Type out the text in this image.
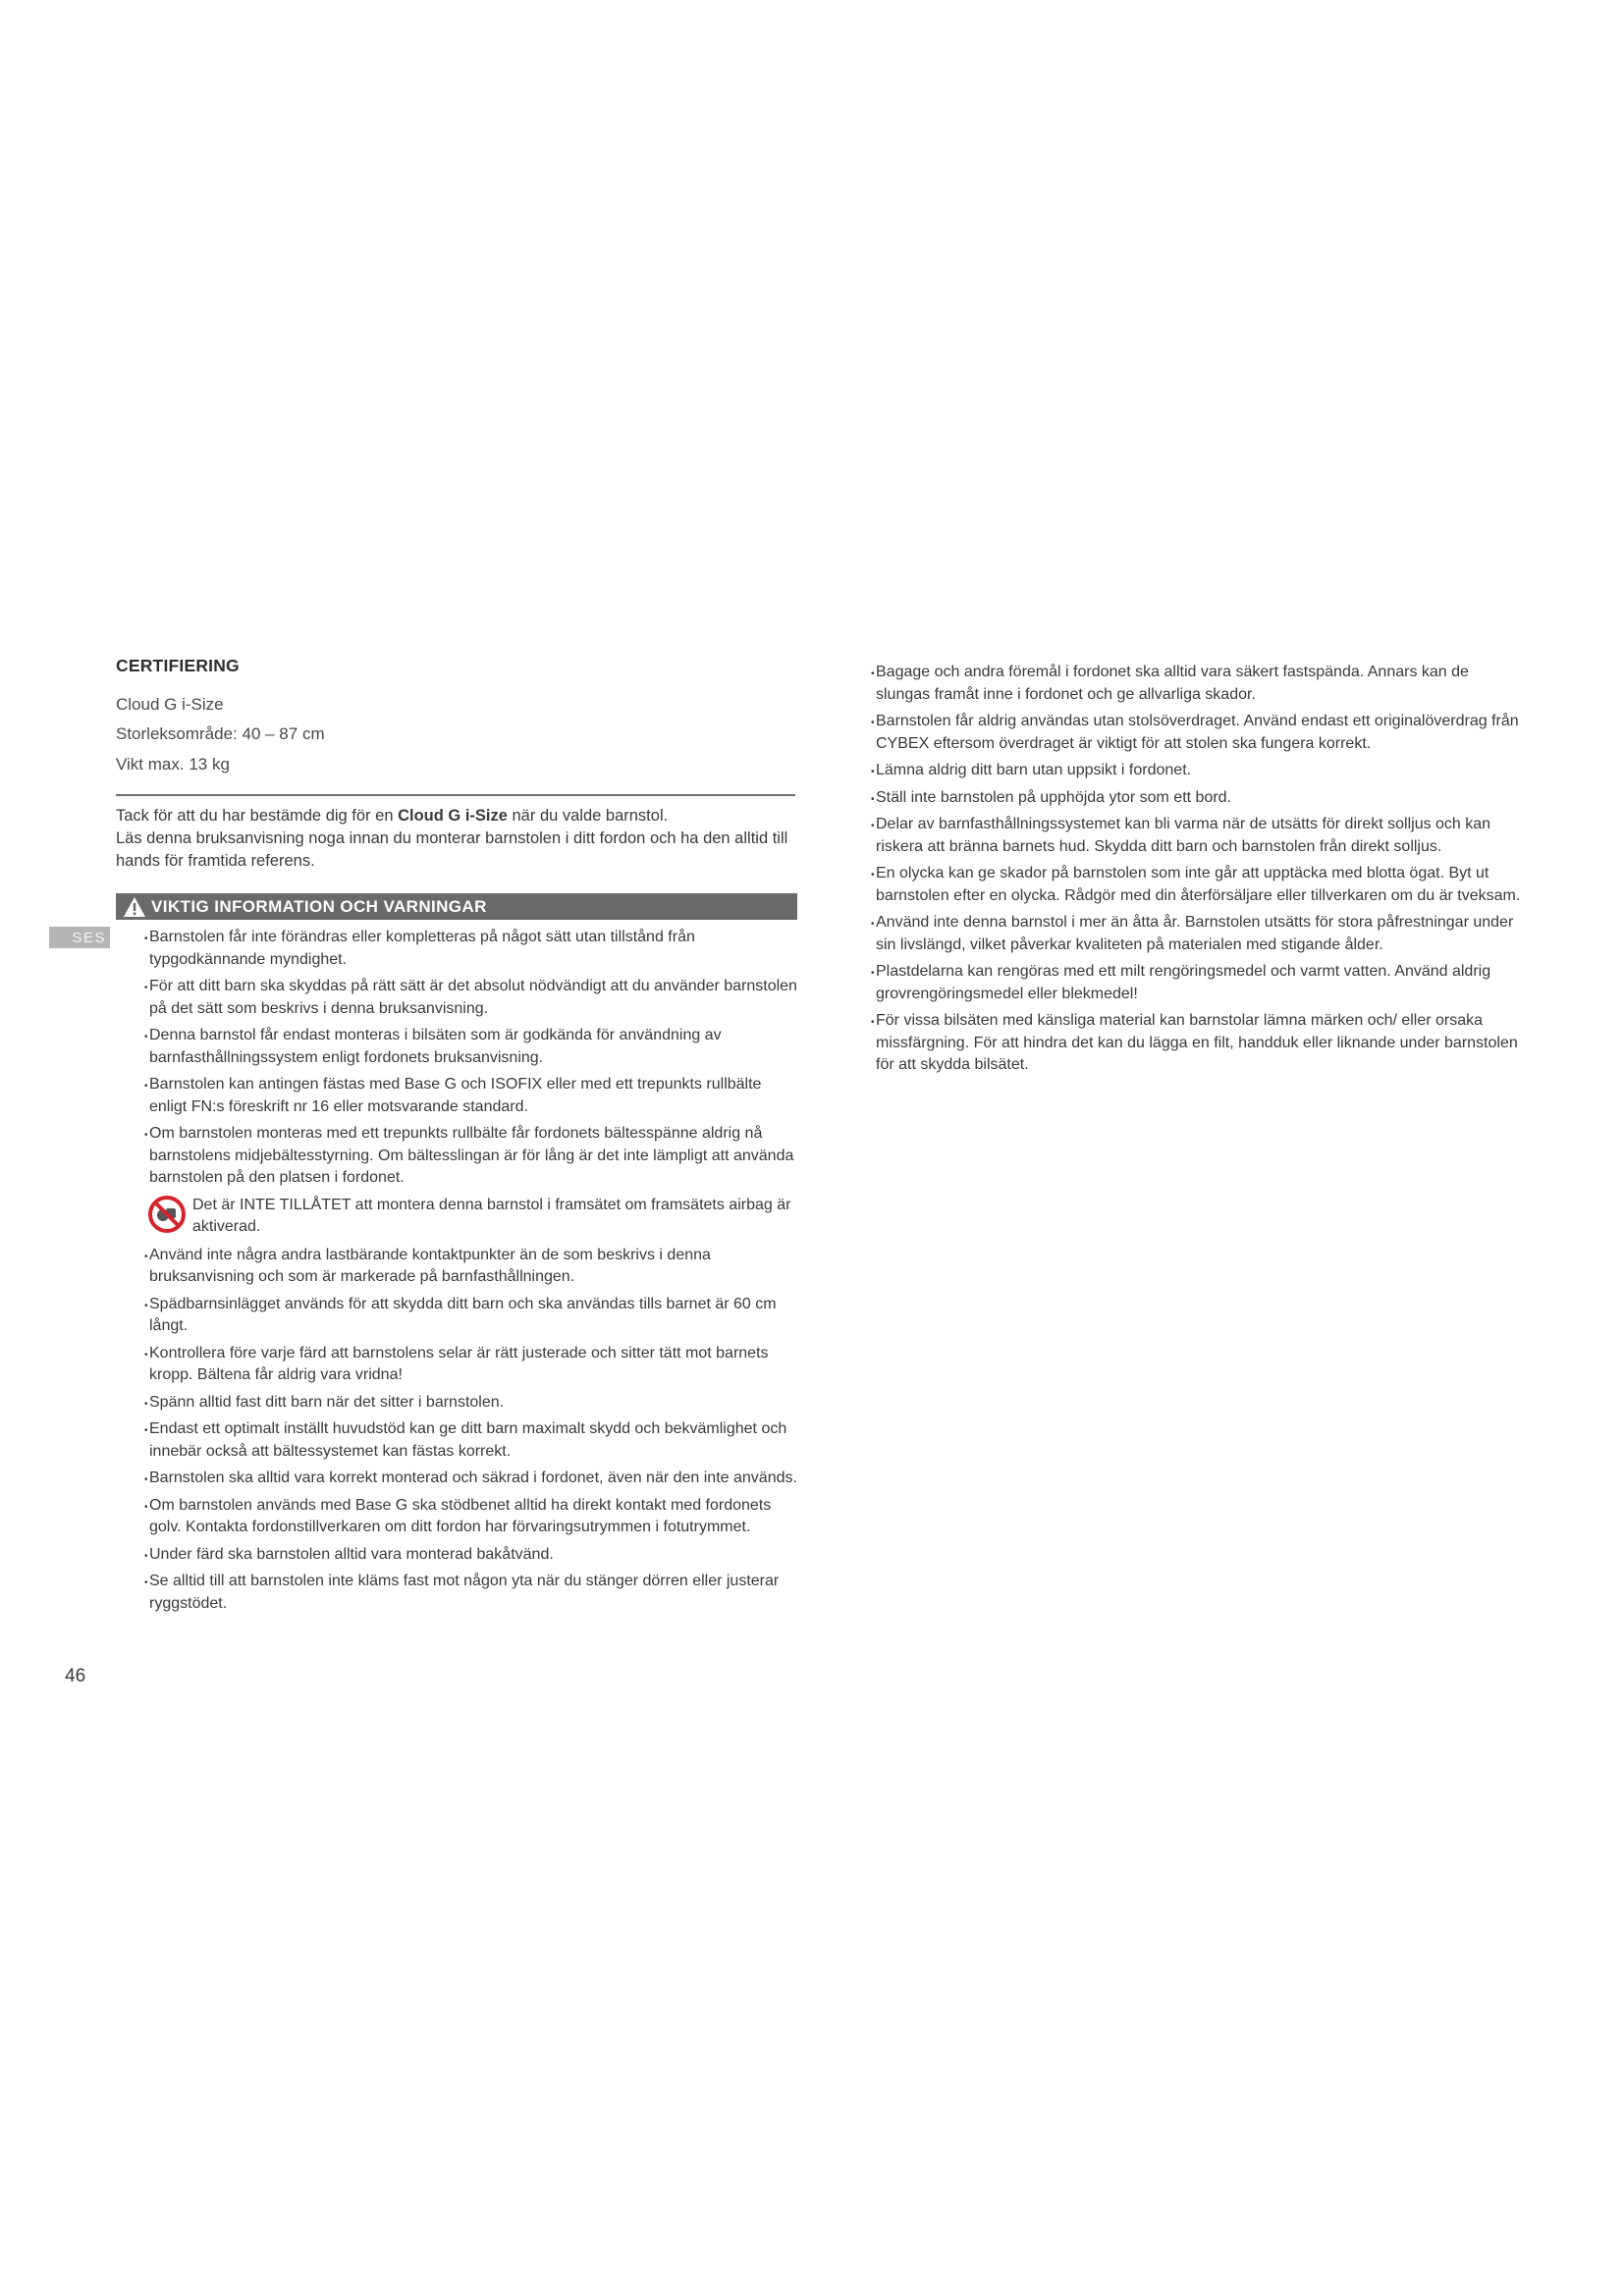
CERTIFIERING
Cloud G i-Size
Storleksområde: 40 – 87 cm
Vikt max. 13 kg

Tack för att du har bestämde dig för en Cloud G i-Size när du valde barnstol.

Läs denna bruksanvisning noga innan du monterar barnstolen i ditt fordon och ha den alltid till hands för framtida referens.

VIKTIG INFORMATION OCH VARNINGAR
SES	• Barnstolen får inte förändras eller kompletteras på något sätt utan tillstånd från typgodkännande myndighet.
• För att ditt barn ska skyddas på rätt sätt är det absolut nödvändigt att du använder barnstolen på det sätt som beskrivs i denna bruksanvisning.
• Denna barnstol får endast monteras i bilsäten som är godkända för användning av barnfasthållningssystem enligt fordonets bruksanvisning.
• Barnstolen kan antingen fästas med Base G och ISOFIX eller med ett trepunkts rullbälte enligt FN:s föreskrift nr 16 eller motsvarande standard.
• Om barnstolen monteras med ett trepunkts rullbälte får fordonets bältesspänne aldrig nå barnstolens midjebältesstyrning. Om bältesslingan är för lång är det inte lämpligt att använda barnstolen på den platsen i fordonet.
Det är INTE TILLÅTET att montera denna barnstol i framsätet om framsätets airbag är aktiverad.
• Använd inte några andra lastbärande kontaktpunkter än de som beskrivs i denna bruksanvisning och som är markerade på barnfasthållningen.
• Spädbarnsinlägget används för att skydda ditt barn och ska användas tills barnet är 60 cm långt.
• Kontrollera före varje färd att barnstolens selar är rätt justerade och sitter tätt mot barnets kropp. Bältena får aldrig vara vridna!
• Spänn alltid fast ditt barn när det sitter i barnstolen.
• Endast ett optimalt inställt huvudstöd kan ge ditt barn maximalt skydd och bekvämlighet och innebär också att bältessystemet kan fästas korrekt.
• Barnstolen ska alltid vara korrekt monterad och säkrad i fordonet, även när den inte används.
• Om barnstolen används med Base G ska stödbenet alltid ha direkt kontakt med fordonets golv. Kontakta fordonstillverkaren om ditt fordon har förvaringsutrymmen i fotutrymmet.
• Under färd ska barnstolen alltid vara monterad bakåtvänd.
• Se alltid till att barnstolen inte kläms fast mot någon yta när du stänger dörren eller justerar ryggstödet.
• Bagage och andra föremål i fordonet ska alltid vara säkert fastspända. Annars kan de slungas framåt inne i fordonet och ge allvarliga skador.
• Barnstolen får aldrig användas utan stolsöverdraget. Använd endast ett originalöverdrag från CYBEX eftersom överdraget är viktigt för att stolen ska fungera korrekt.
• Lämna aldrig ditt barn utan uppsikt i fordonet.
• Ställ inte barnstolen på upphöjda ytor som ett bord.
• Delar av barnfasthållningssystemet kan bli varma när de utsätts för direkt solljus och kan riskera att bränna barnets hud. Skydda ditt barn och barnstolen från direkt solljus.
• En olycka kan ge skador på barnstolen som inte går att upptäcka med blotta ögat. Byt ut barnstolen efter en olycka. Rådgör med din återförsäljare eller tillverkaren om du är tveksam.
• Använd inte denna barnstol i mer än åtta år. Barnstolen utsätts för stora påfrestningar under sin livslängd, vilket påverkar kvaliteten på materialen med stigande ålder.
• Plastdelarna kan rengöras med ett milt rengöringsmedel och varmt vatten. Använd aldrig grovrengöringsmedel eller blekmedel!
• För vissa bilsäten med känsliga material kan barnstolar lämna märken och/ eller orsaka missfärgning. För att hindra det kan du lägga en filt, handduk eller liknande under barnstolen för att skydda bilsätet.
46
